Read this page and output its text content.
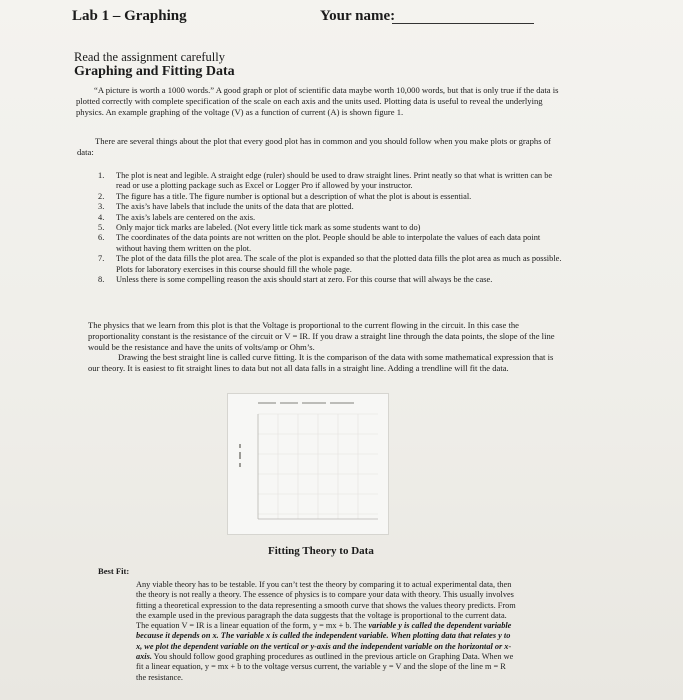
Lab 1 – Graphing	Your name:
Read the assignment carefully
Graphing and Fitting Data

“A picture is worth a 1000 words.” A good graph or plot of scientific data maybe worth 10,000 words, but that is only true if the data is plotted correctly with complete specification of the scale on each axis and the units used. Plotting data is useful to reveal the underlying physics. An example graphing of the voltage (V) as a function of current (A) is shown figure 1.

There are several things about the plot that every good plot has in common and you should follow when you make plots or graphs of data:

1.	The plot is neat and legible. A straight edge (ruler) should be used to draw straight lines. Print neatly so that what is written can be read or use a plotting package such as Excel or Logger Pro if allowed by your instructor.
2.	The figure has a title. The figure number is optional but a description of what the plot is about is essential.
3.	The axis’s have labels that include the units of the data that are plotted.
4.	The axis’s labels are centered on the axis.
5.	Only major tick marks are labeled. (Not every little tick mark as some students want to do)
6.	The coordinates of the data points are not written on the plot. People should be able to interpolate the values of each data point without having them written on the plot.
7.	The plot of the data fills the plot area. The scale of the plot is expanded so that the plotted data fills the plot area as much as possible. Plots for laboratory exercises in this course should fill the whole page.
8.	Unless there is some compelling reason the axis should start at zero. For this course that will always be the case.

The physics that we learn from this plot is that the Voltage is proportional to the current flowing in the circuit. In this case the proportionality constant is the resistance of the circuit or V = IR. If you draw a straight line through the data points, the slope of the line would be the resistance and have the units of volts/amp or Ohm’s.

Drawing the best straight line is called curve fitting. It is the comparison of the data with some mathematical expression that is our theory. It is easiest to fit straight lines to data but not all data falls in a straight line. Adding a trendline will fit the data.

Fitting Theory to Data
Best Fit:

Any viable theory has to be testable. If you can’t test the theory by comparing it to actual experimental data, then the theory is not really a theory. The essence of physics is to compare your data with theory. This usually involves fitting a theoretical expression to the data representing a smooth curve that shows the values theory predicts. From the example used in the previous paragraph the data suggests that the voltage is proportional to the current data. The equation V = IR is a linear equation of the form, y = mx + b. The variable y is called the dependent variable because it depends on x. The variable x is called the independent variable. When plotting data that relates y to x, we plot the dependent variable on the vertical or y-axis and the independent variable on the horizontal or x-axis. You should follow good graphing procedures as outlined in the previous article on Graphing Data. When we fit a linear equation, y = mx + b to the voltage versus current, the variable y = V and the slope of the line m = R the resistance.
